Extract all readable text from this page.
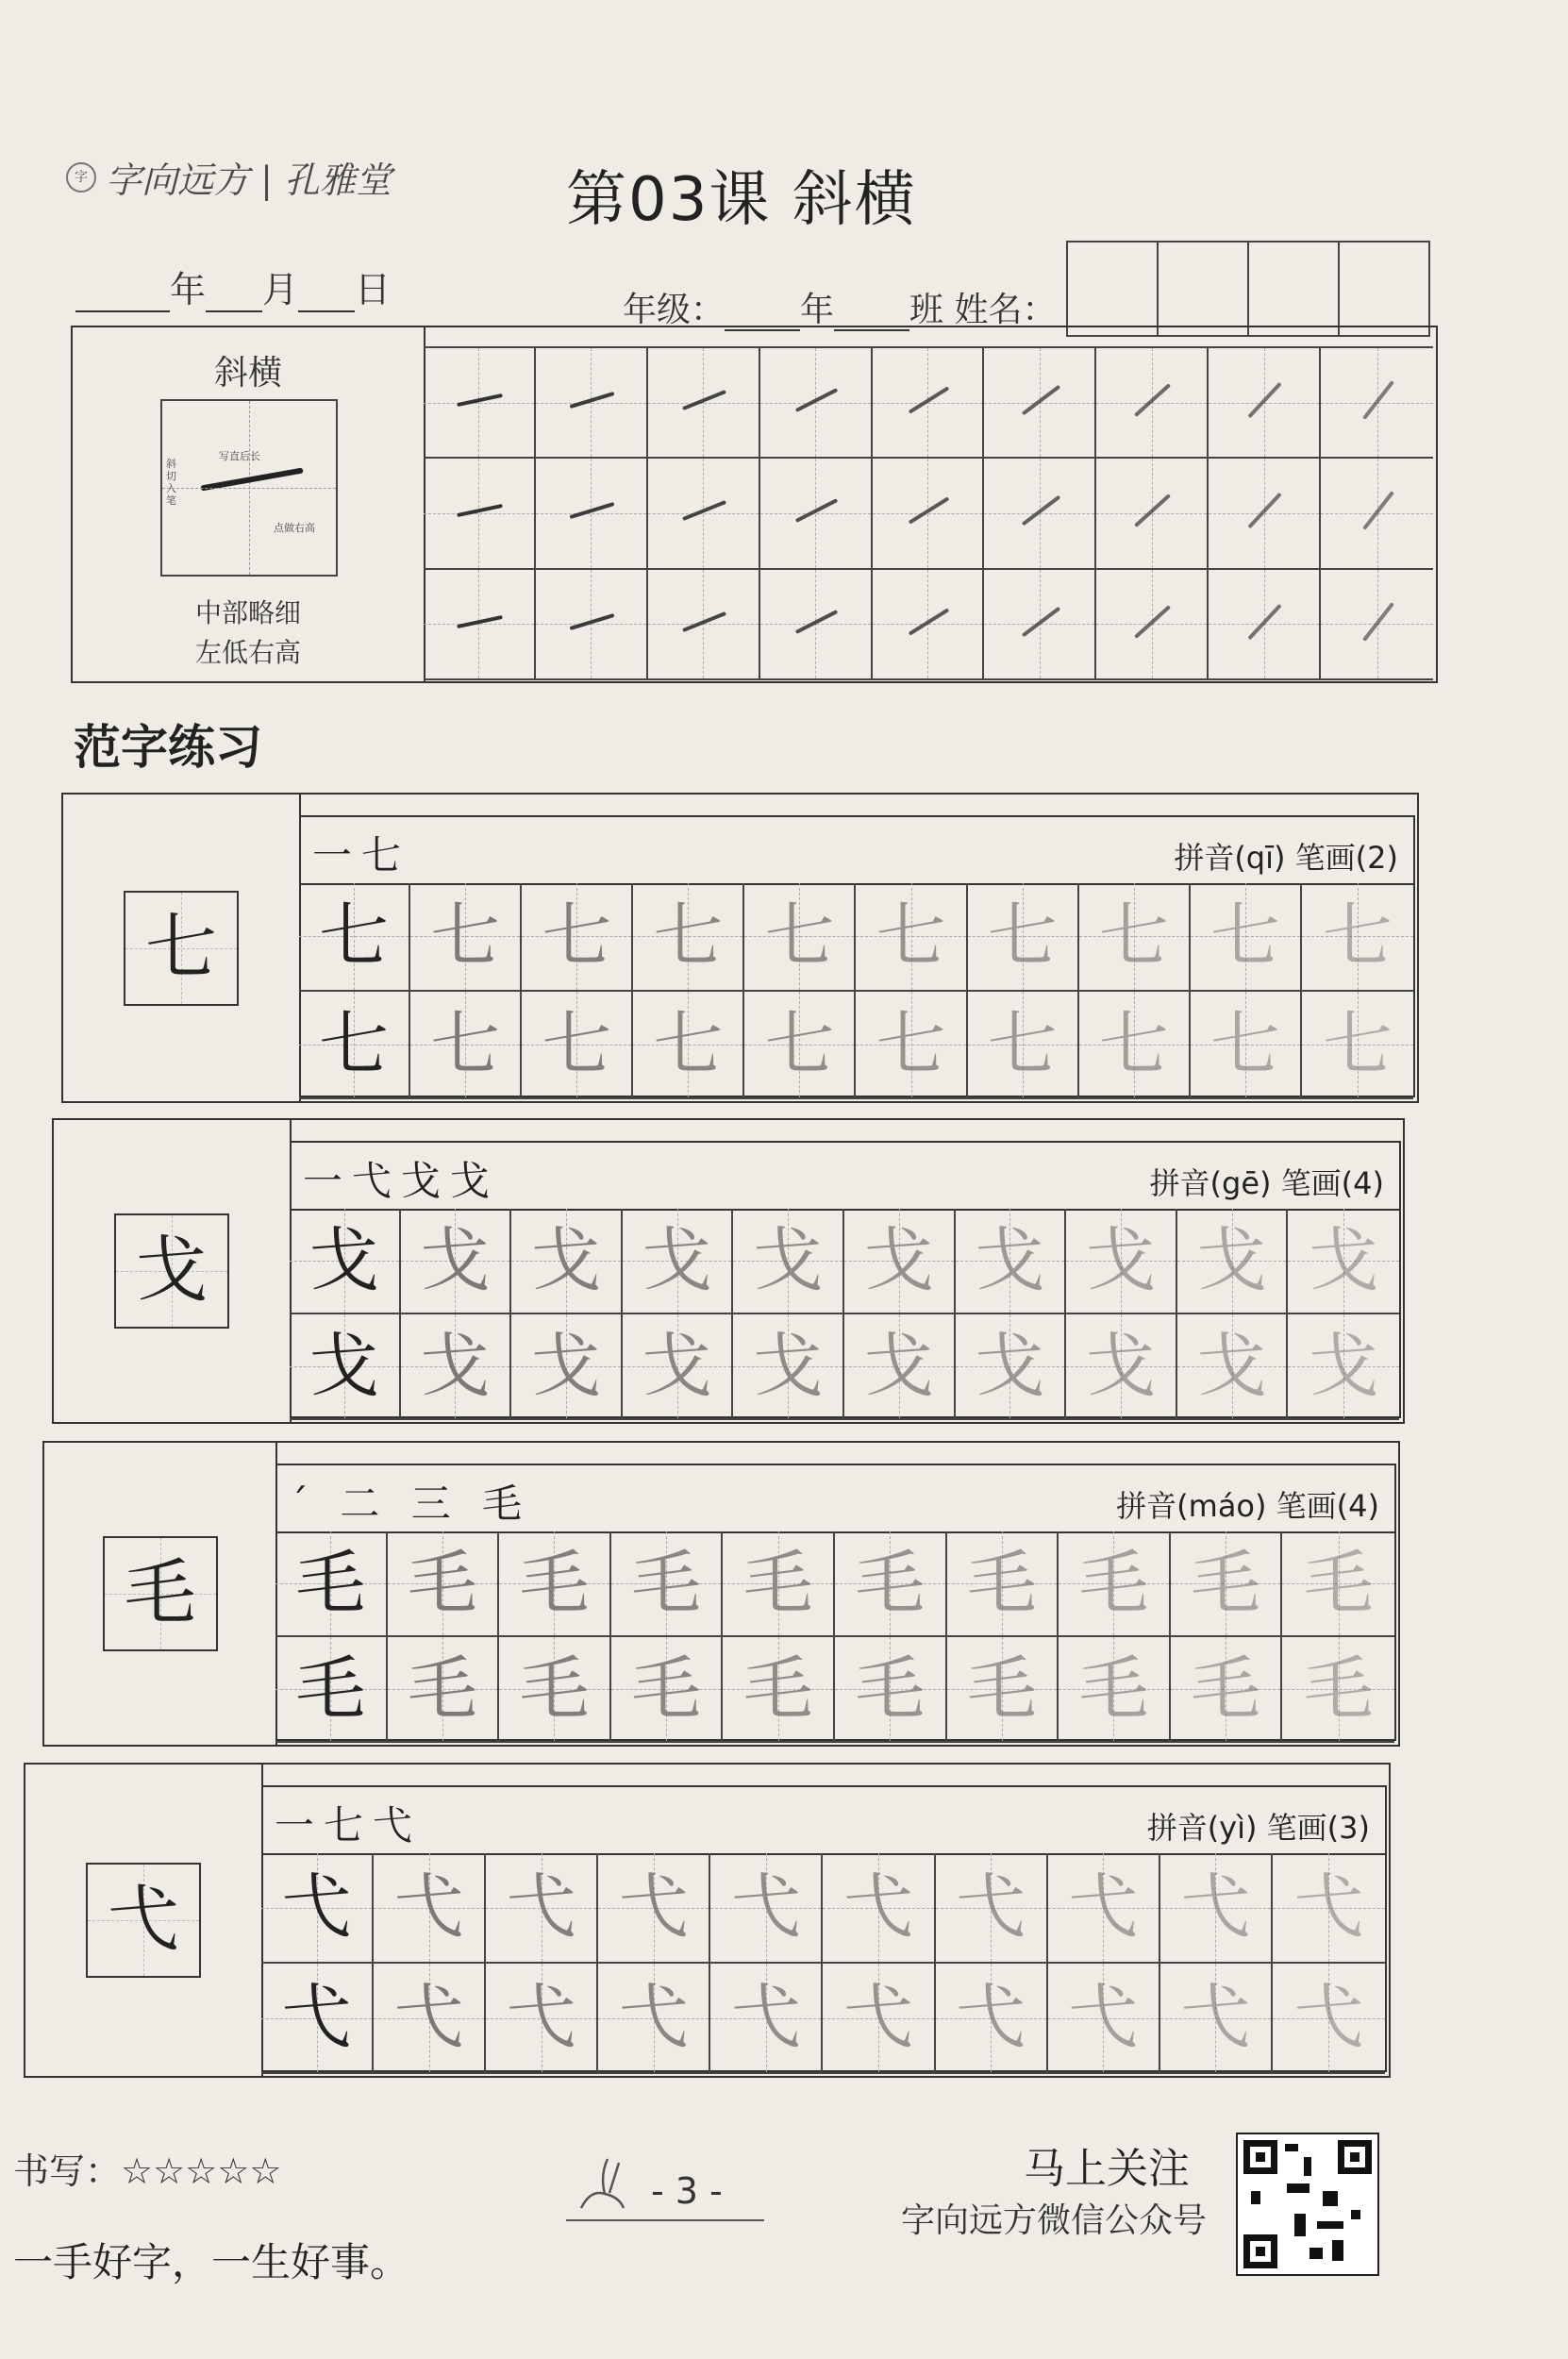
字 字向远方 | 孔雅堂	第03课 斜横
年 月 日	年级： 年 班 姓名：
斜横
写直后长
斜切入笔
点做右高
中部略细
左低右高
范字练习
七
一七	拼音(qī) 笔画(2)
七 七 七 七 七 七 七 七 七 七
七 七 七 七 七 七 七 七 七 七
戈
一弋戈戈	拼音(gē) 笔画(4)
戈 戈 戈 戈 戈 戈 戈 戈 戈 戈
戈 戈 戈 戈 戈 戈 戈 戈 戈 戈
毛
ˊ ⼆ 三 毛	拼音(máo) 笔画(4)
毛 毛 毛 毛 毛 毛 毛 毛 毛 毛
毛 毛 毛 毛 毛 毛 毛 毛 毛 毛
弋
一七弋	拼音(yì) 笔画(3)
弋 弋 弋 弋 弋 弋 弋 弋 弋 弋
弋 弋 弋 弋 弋 弋 弋 弋 弋 弋
书写：☆☆☆☆☆
一手好字，一生好事。
- 3 -	马上关注
字向远方微信公众号
